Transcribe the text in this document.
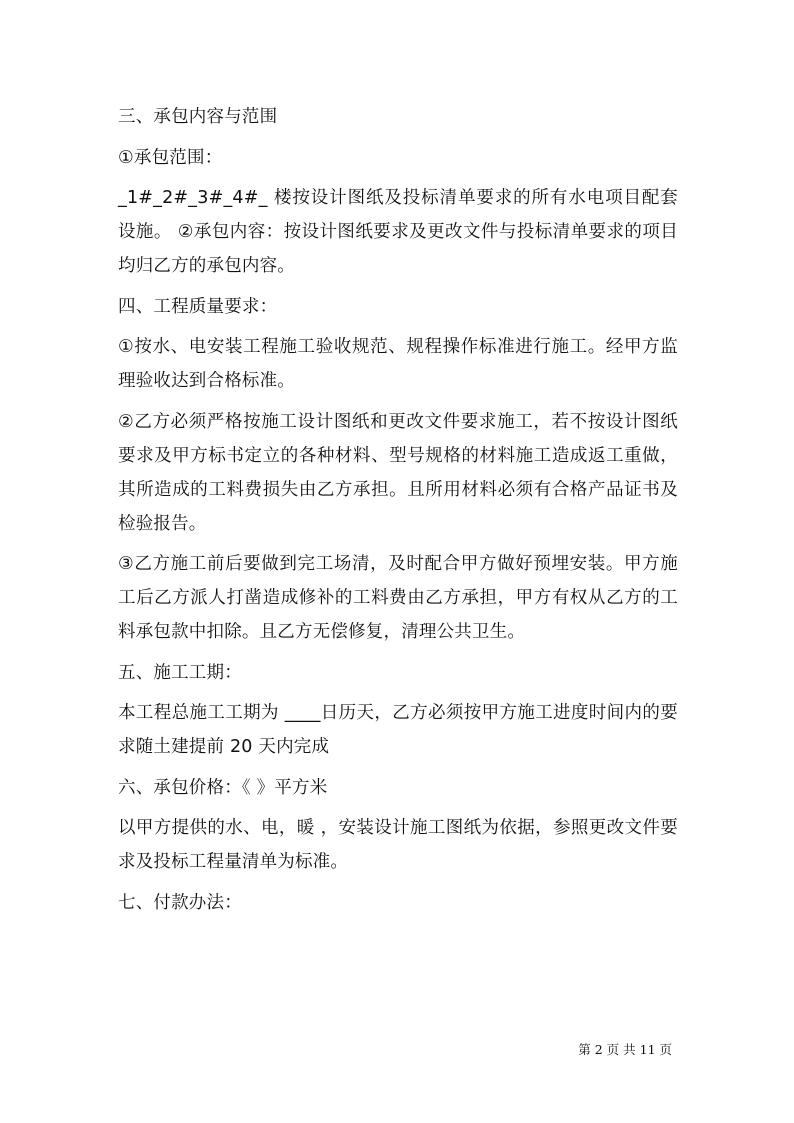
三、承包内容与范围

①承包范围：

_1#_2#_3#_4#_ 楼按设计图纸及投标清单要求的所有水电项目配套设施。 ②承包内容：按设计图纸要求及更改文件与投标清单要求的项目均归乙方的承包内容。

四、工程质量要求：

①按水、电安装工程施工验收规范、规程操作标准进行施工。经甲方监理验收达到合格标准。

②乙方必须严格按施工设计图纸和更改文件要求施工，若不按设计图纸要求及甲方标书定立的各种材料、型号规格的材料施工造成返工重做，其所造成的工料费损失由乙方承担。且所用材料必须有合格产品证书及检验报告。

③乙方施工前后要做到完工场清，及时配合甲方做好预埋安装。甲方施工后乙方派人打凿造成修补的工料费由乙方承担，甲方有权从乙方的工料承包款中扣除。且乙方无偿修复，清理公共卫生。

五、施工工期：

本工程总施工工期为 ____日历天，乙方必须按甲方施工进度时间内的要求随土建提前 20 天内完成

六、承包价格：《 》平方米

以甲方提供的水、电，暖 ，安装设计施工图纸为依据，参照更改文件要求及投标工程量清单为标准。

七、付款办法：

第 2 页 共 11 页
